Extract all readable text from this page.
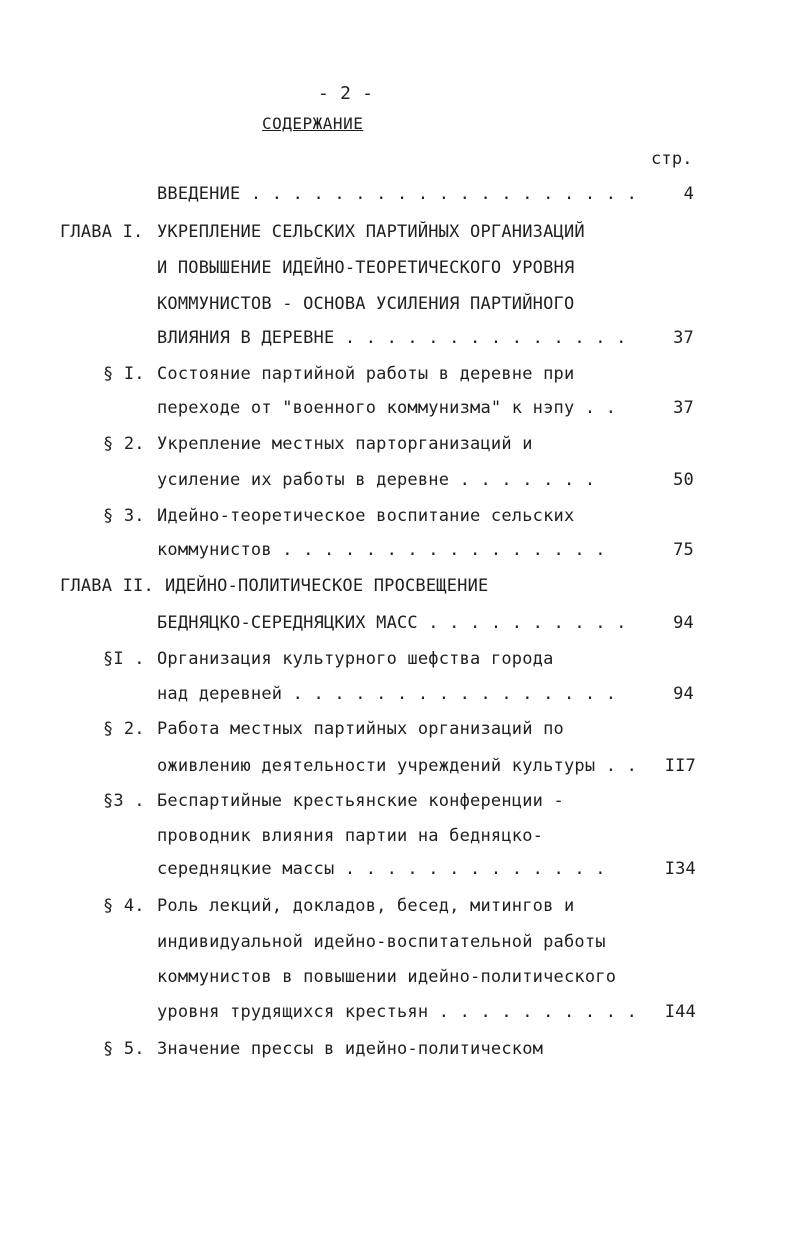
- 2 -
СОДЕРЖАНИЕ
стр.
ВВЕДЕНИЕ . . . . . . . . . . . . . . . . . . .	4
ГЛАВА I. УКРЕПЛЕНИЕ СЕЛЬСКИХ ПАРТИЙНЫХ ОРГАНИЗАЦИЙ
И ПОВЫШЕНИЕ ИДЕЙНО-ТЕОРЕТИЧЕСКОГО УРОВНЯ
КОММУНИСТОВ - ОСНОВА УСИЛЕНИЯ ПАРТИЙНОГО
ВЛИЯНИЯ В ДЕРЕВНЕ . . . . . . . . . . . . . .	37
§ I. Состояние партийной работы в деревне при
переходе от "военного коммунизма" к нэпу . .	37
§ 2. Укрепление местных парторганизаций и
усиление их работы в деревне . . . . . . .	50
§ 3. Идейно-теоретическое воспитание сельских
коммунистов . . . . . . . . . . . . . . . .	75
ГЛАВА II. ИДЕЙНО-ПОЛИТИЧЕСКОЕ ПРОСВЕЩЕНИЕ
БЕДНЯЦКО-СЕРЕДНЯЦКИХ МАСС . . . . . . . . . .	94
§I . Организация культурного шефства города
над деревней . . . . . . . . . . . . . . . .	94
§ 2. Работа местных партийных организаций по
оживлению деятельности учреждений культуры . .	II7
§3 . Беспартийные крестьянские конференции -
проводник влияния партии на бедняцко-
середняцкие массы . . . . . . . . . . . . .	I34
§ 4. Роль лекций, докладов, бесед, митингов и
индивидуальной идейно-воспитательной работы
коммунистов в повышении идейно-политического
уровня трудящихся крестьян . . . . . . . . . .	I44
§ 5. Значение прессы в идейно-политическом
